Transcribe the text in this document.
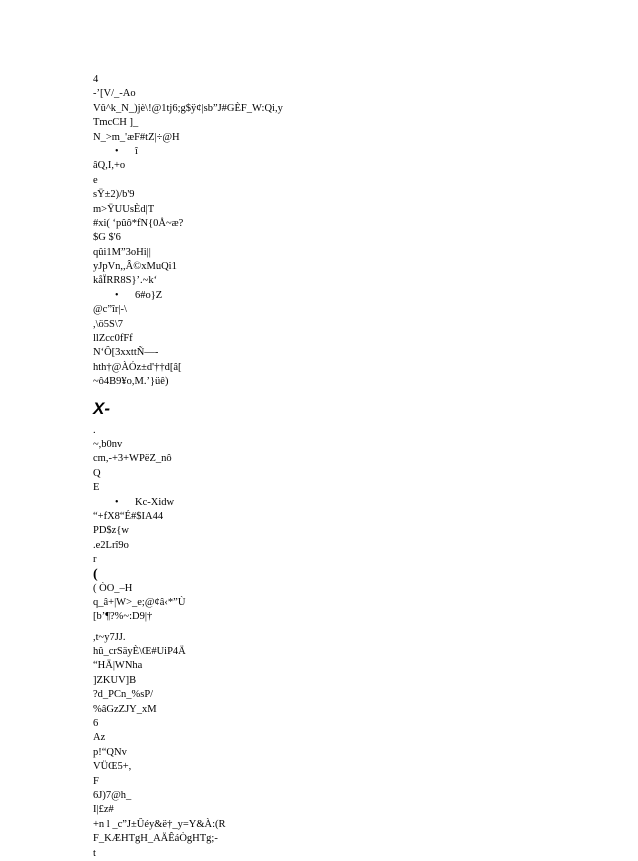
4
-’[V/_-Ao
Vû^k_N_)jè\!@1tj6;g$ÿ¢|sb”J#GÈF_W:Qi,y
TmcCH ]_
N_>m_'æF#tZ|÷@H
• î
âQ,I,+o
e
sŸ±2)/b'9
m>ŸUUsÈd|T
#xi( ‘pûô*fN{0Å~æ?
$G $'6
qûi1M”3oHi||
yJpVn,,Â©xMuQi1
kåÏRR8S}’.~k‘
• 6#o}Z
@c”îr|-\
,\ö5S\7
llZcc0fFf
N‘Ô[3xxttÑ—-
hth†@ÀÓz±d'††d[â[
~ô4B9¥o,M.’}üê)
X-
.
~,b0nv
cm,-+3+WPëZ_nô
Q
E
• Kc-Xidw
“+fX8“É#$IA44
PD$z{w
.e2Lrî9o
r
(
( ÒO_–H
q_â+|W>_e;@¢â‹*”Ù
[b’¶?%~:D9|†
,t~y7JJ.
hû_crSäyÈ\Œ#UiP4Ä
“HÄ|WNha
]ZKUV]B
?d_PCn_%sP/
%âGzZJY_xM
6
Az
p!“QNv
VÜŒ5+,
F
6J)7@h_
I|£z#
+n l _c”J±Ûéy&ë†_y=Y&À:(R
F_KÆHTgH_AÄÊáÒgHTg;-
t
